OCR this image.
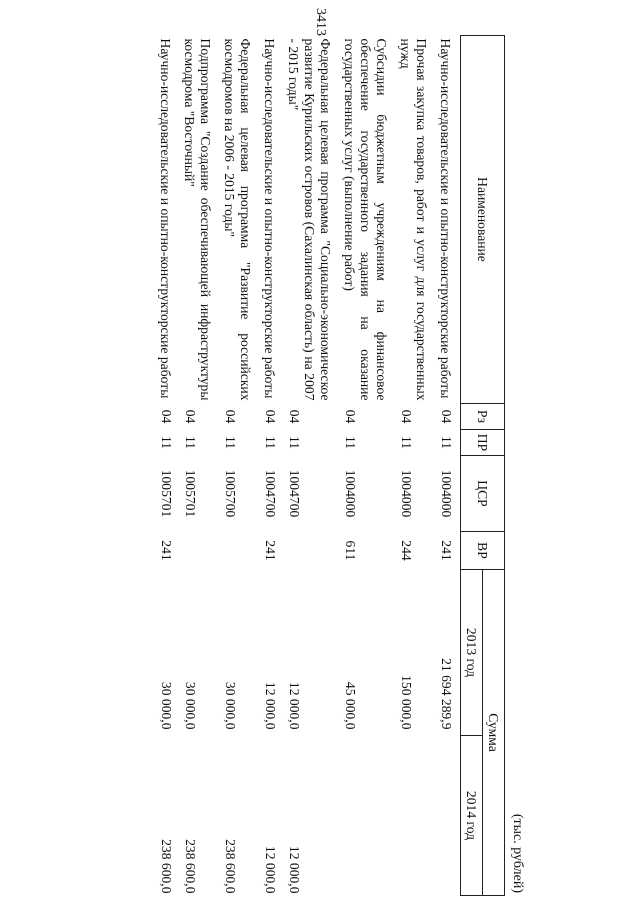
3413
(тыс. рублей)
Наименование	Рз	ПР	ЦСР	ВР	Сумма	
					2013 год	2014 год
Научно-исследовательские и опытно-конструкторские работы	04	11	1004000	241	21 694 289,9	
Прочая закупка товаров, работ и услуг для государственных нужд	04	11	1004000	244	150 000,0	
Субсидии бюджетным учреждениям на финансовое обеспечение государственного задания на оказание государственных услуг (выполнение работ)	04	11	1004000	611	45 000,0	
Федеральная целевая программа "Социально-экономическое развитие Курильских островов (Сахалинская область) на 2007 - 2015 годы"	04	11	1004700		12 000,0	12 000,0
Научно-исследовательские и опытно-конструкторские работы	04	11	1004700	241	12 000,0	12 000,0
Федеральная целевая программа "Развитие российских космодромов на 2006 - 2015 годы"	04	11	1005700		30 000,0	238 600,0
Подпрограмма "Создание обеспечивающей инфраструктуры космодрома "Восточный"	04	11	1005701		30 000,0	238 600,0
Научно-исследовательские и опытно-конструкторские работы	04	11	1005701	241	30 000,0	238 600,0
